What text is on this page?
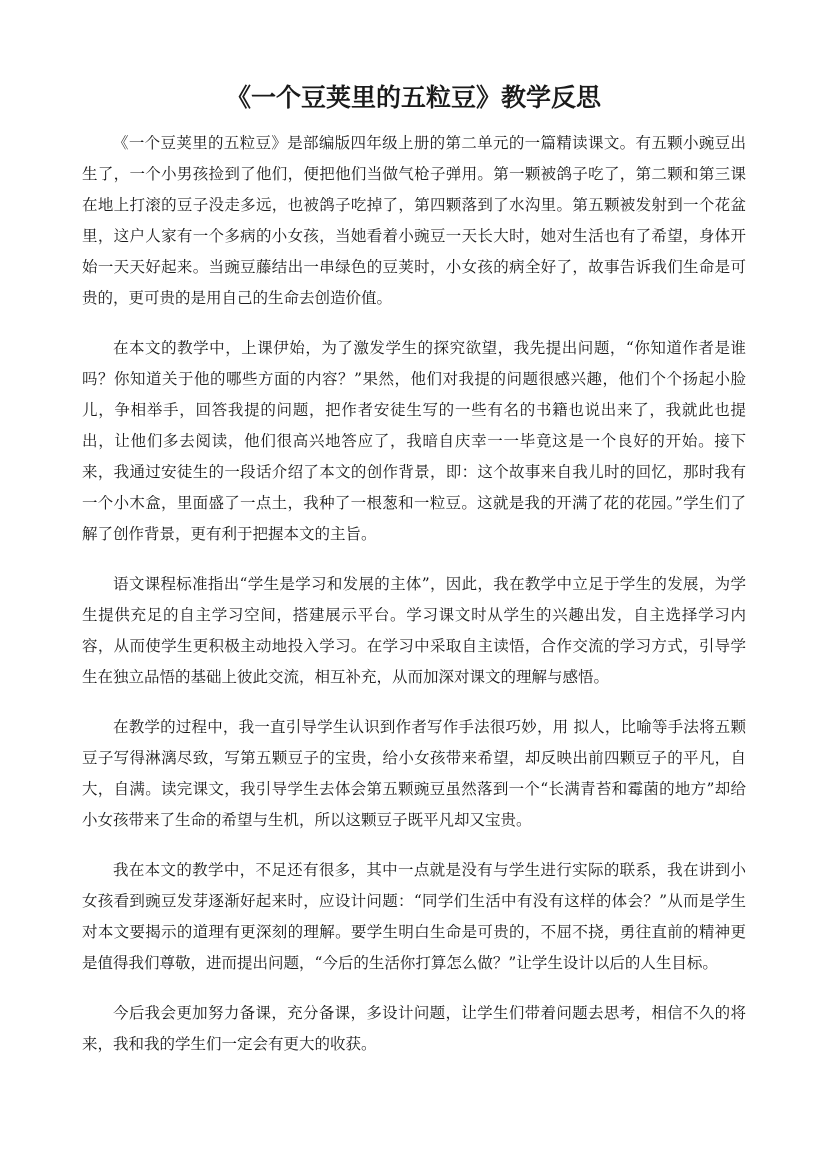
《一个豆荚里的五粒豆》教学反思

《一个豆荚里的五粒豆》是部编版四年级上册的第二单元的一篇精读课文。有五颗小豌豆出生了，一个小男孩捡到了他们，便把他们当做气枪子弹用。第一颗被鸽子吃了，第二颗和第三课在地上打滚的豆子没走多远，也被鸽子吃掉了，第四颗落到了水沟里。第五颗被发射到一个花盆里，这户人家有一个多病的小女孩，当她看着小豌豆一天长大时，她对生活也有了希望，身体开始一天天好起来。当豌豆藤结出一串绿色的豆荚时，小女孩的病全好了，故事告诉我们生命是可贵的，更可贵的是用自己的生命去创造价值。

在本文的教学中，上课伊始，为了激发学生的探究欲望，我先提出问题，“你知道作者是谁吗？你知道关于他的哪些方面的内容？”果然，他们对我提的问题很感兴趣，他们个个扬起小脸儿，争相举手，回答我提的问题，把作者安徒生写的一些有名的书籍也说出来了，我就此也提出，让他们多去阅读，他们很高兴地答应了，我暗自庆幸一一毕竟这是一个良好的开始。接下来，我通过安徒生的一段话介绍了本文的创作背景，即：这个故事来自我儿时的回忆，那时我有一个小木盒，里面盛了一点土，我种了一根葱和一粒豆。这就是我的开满了花的花园。”学生们了解了创作背景，更有利于把握本文的主旨。

语文课程标准指出“学生是学习和发展的主体”，因此，我在教学中立足于学生的发展，为学生提供充足的自主学习空间，搭建展示平台。学习课文时从学生的兴趣出发，自主选择学习内容，从而使学生更积极主动地投入学习。在学习中采取自主读悟，合作交流的学习方式，引导学生在独立品悟的基础上彼此交流，相互补充，从而加深对课文的理解与感悟。

在教学的过程中，我一直引导学生认识到作者写作手法很巧妙，用 拟人，比喻等手法将五颗豆子写得淋漓尽致，写第五颗豆子的宝贵，给小女孩带来希望，却反映出前四颗豆子的平凡，自大，自满。读完课文，我引导学生去体会第五颗豌豆虽然落到一个“长满青苔和霉菌的地方”却给小女孩带来了生命的希望与生机，所以这颗豆子既平凡却又宝贵。

我在本文的教学中，不足还有很多，其中一点就是没有与学生进行实际的联系，我在讲到小女孩看到豌豆发芽逐渐好起来时，应设计问题：“同学们生活中有没有这样的体会？”从而是学生对本文要揭示的道理有更深刻的理解。要学生明白生命是可贵的，不屈不挠，勇往直前的精神更是值得我们尊敬，进而提出问题，“今后的生活你打算怎么做？”让学生设计以后的人生目标。

今后我会更加努力备课，充分备课，多设计问题，让学生们带着问题去思考，相信不久的将来，我和我的学生们一定会有更大的收获。
